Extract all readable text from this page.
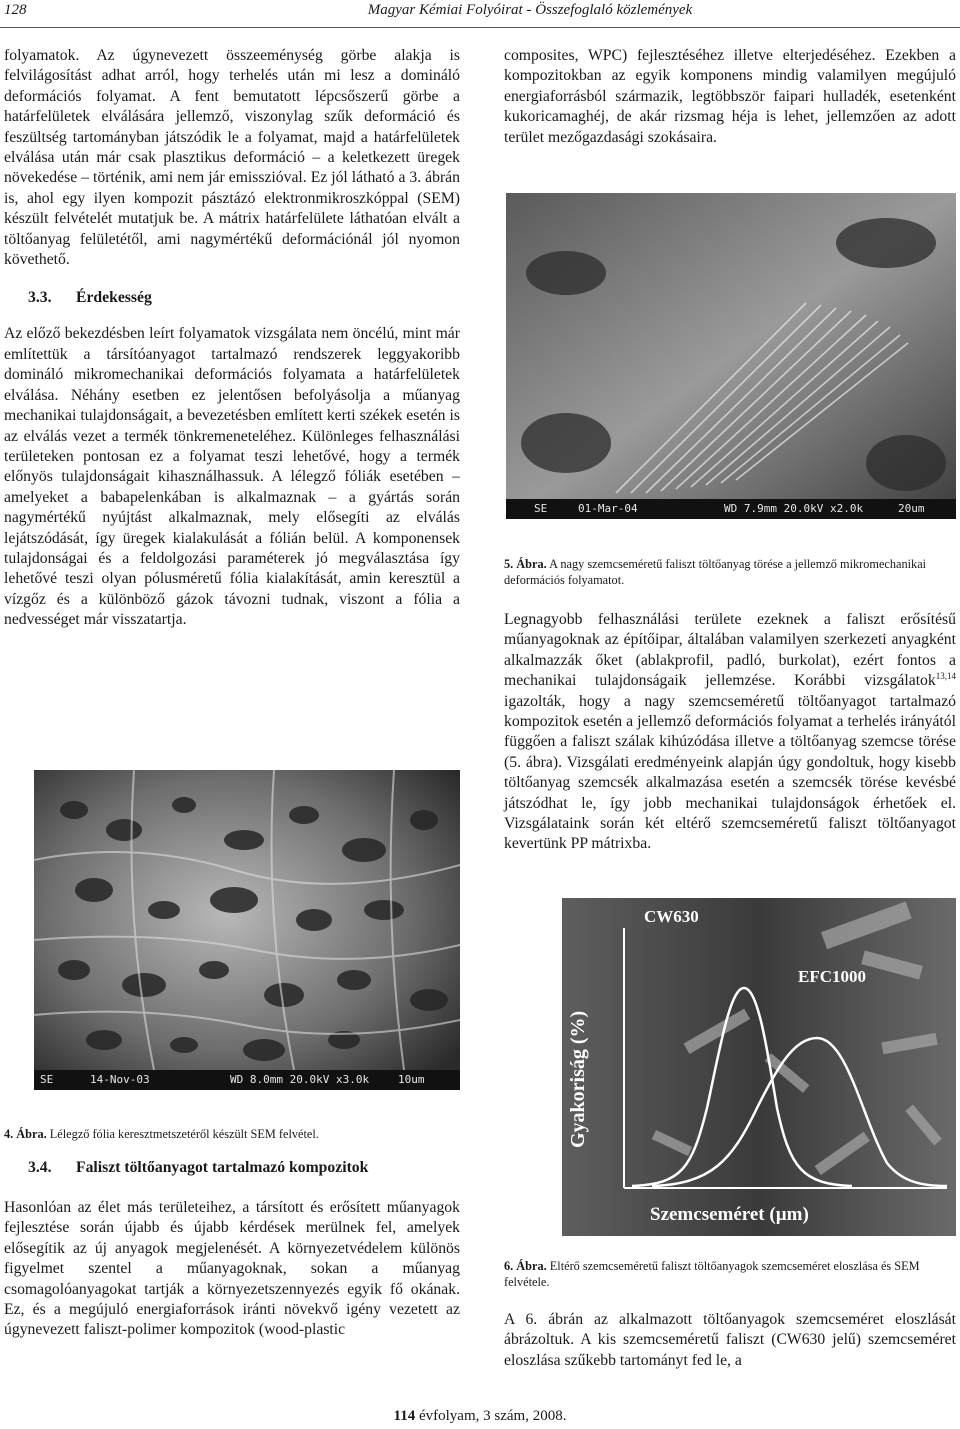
128	Magyar Kémiai Folyóirat - Összefoglaló közlemények

folyamatok. Az úgynevezett összeeménység görbe alakja is felvilágosítást adhat arról, hogy terhelés után mi lesz a domináló deformációs folyamat. A fent bemutatott lépcsőszerű görbe a határfelületek elválására jellemző, viszonylag szűk deformáció és feszültség tartományban játszódik le a folyamat, majd a határfelületek elválása után már csak plasztikus deformáció – a keletkezett üregek növekedése – történik, ami nem jár emisszióval. Ez jól látható a 3. ábrán is, ahol egy ilyen kompozit pásztázó elektronmikroszkóppal (SEM) készült felvételét mutatjuk be. A mátrix határfelülete láthatóan elvált a töltőanyag felületétől, ami nagymértékű deformációnál jól nyomon követhető.

3.3. Érdekesség

Az előző bekezdésben leírt folyamatok vizsgálata nem öncélú, mint már említettük a társítóanyagot tartalmazó rendszerek leggyakoribb domináló mikromechanikai deformációs folyamata a határfelületek elválása. Néhány esetben ez jelentősen befolyásolja a műanyag mechanikai tulajdonságait, a bevezetésben említett kerti székek esetén is az elválás vezet a termék tönkremeneteléhez. Különleges felhasználási területeken pontosan ez a folyamat teszi lehetővé, hogy a termék előnyös tulajdonságait kihasználhassuk. A lélegző fóliák esetében – amelyeket a babapelenkában is alkalmaznak – a gyártás során nagymértékű nyújtást alkalmaznak, mely elősegíti az elválás lejátszódását, így üregek kialakulását a fólián belül. A komponensek tulajdonságai és a feldolgozási paraméterek jó megválasztása így lehetővé teszi olyan pólusméretű fólia kialakítását, amin keresztül a vízgőz és a különböző gázok távozni tudnak, viszont a fólia a nedvességet már visszatartja.

SE	14-Nov-03	WD 8.0mm 20.0kV x3.0k	10um

4. Ábra. Lélegző fólia keresztmetszetéről készült SEM felvétel.

3.4. Faliszt töltőanyagot tartalmazó kompozitok

Hasonlóan az élet más területeihez, a társított és erősített műanyagok fejlesztése során újabb és újabb kérdések merülnek fel, amelyek elősegítik az új anyagok megjelenését. A környezetvédelem különös figyelmet szentel a műanyagoknak, sokan a műanyag csomagolóanyagokat tartják a környezetszennyezés egyik fő okának. Ez, és a megújuló energiaforrások iránti növekvő igény vezetett az úgynevezett faliszt-polimer kompozitok (wood-plastic

composites, WPC) fejlesztéséhez illetve elterjedéséhez. Ezekben a kompozitokban az egyik komponens mindig valamilyen megújuló energiaforrásból származik, legtöbbször faipari hulladék, esetenként kukoricamaghéj, de akár rizsmag héja is lehet, jellemzően az adott terület mezőgazdasági szokásaira.

SE	01-Mar-04	WD 7.9mm 20.0kV x2.0k	20um

5. Ábra. A nagy szemcseméretű faliszt töltőanyag törése a jellemző mikromechanikai deformációs folyamatot.

Legnagyobb felhasználási területe ezeknek a faliszt erősítésű műanyagoknak az építőipar, általában valamilyen szerkezeti anyagként alkalmazzák őket (ablakprofil, padló, burkolat), ezért fontos a mechanikai tulajdonságaik jellemzése. Korábbi vizsgálatok$^{13,14}$ igazolták, hogy a nagy szemcseméretű töltőanyagot tartalmazó kompozitok esetén a jellemző deformációs folyamat a terhelés irányától függően a faliszt szálak kihúzódása illetve a töltőanyag szemcse törése (5. ábra). Vizsgálati eredményeink alapján úgy gondoltuk, hogy kisebb töltőanyag szemcsék alkalmazása esetén a szemcsék törése kevésbé játszódhat le, így jobb mechanikai tulajdonságok érhetőek el. Vizsgálataink során két eltérő szemcseméretű faliszt töltőanyagot kevertünk PP mátrixba.

CW630
EFC1000
Gyakoriság (%)
Szemcseméret (µm)

6. Ábra. Eltérő szemcseméretű faliszt töltőanyagok szemcseméret eloszlása és SEM felvétele.

A 6. ábrán az alkalmazott töltőanyagok szemcseméret eloszlását ábrázoltuk. A kis szemcseméretű faliszt (CW630 jelű) szemcseméret eloszlása szűkebb tartományt fed le, a

114 évfolyam, 3 szám, 2008.
